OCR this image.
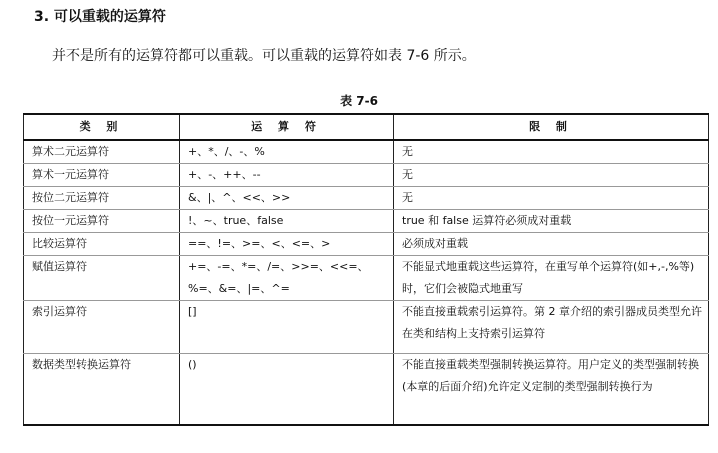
3. 可以重载的运算符
并不是所有的运算符都可以重载。可以重载的运算符如表 7-6 所示。
表 7-6
类 别	运 算 符	限 制
算术二元运算符	+、*、/、-、%	无
算术一元运算符	+、-、++、--	无
按位二元运算符	&、|、^、<<、>>	无
按位一元运算符	!、~、true、false	true 和 false 运算符必须成对重载
比较运算符	==、!=、>=、<、<=、>	必须成对重载
赋值运算符	+=、-=、*=、/=、>>=、<<=、%=、&=、|=、^=	不能显式地重载这些运算符，在重写单个运算符(如+,-,%等)时，它们会被隐式地重写
索引运算符	[]	不能直接重载索引运算符。第 2 章介绍的索引器成员类型允许在类和结构上支持索引运算符
数据类型转换运算符	()	不能直接重载类型强制转换运算符。用户定义的类型强制转换(本章的后面介绍)允许定义定制的类型强制转换行为
